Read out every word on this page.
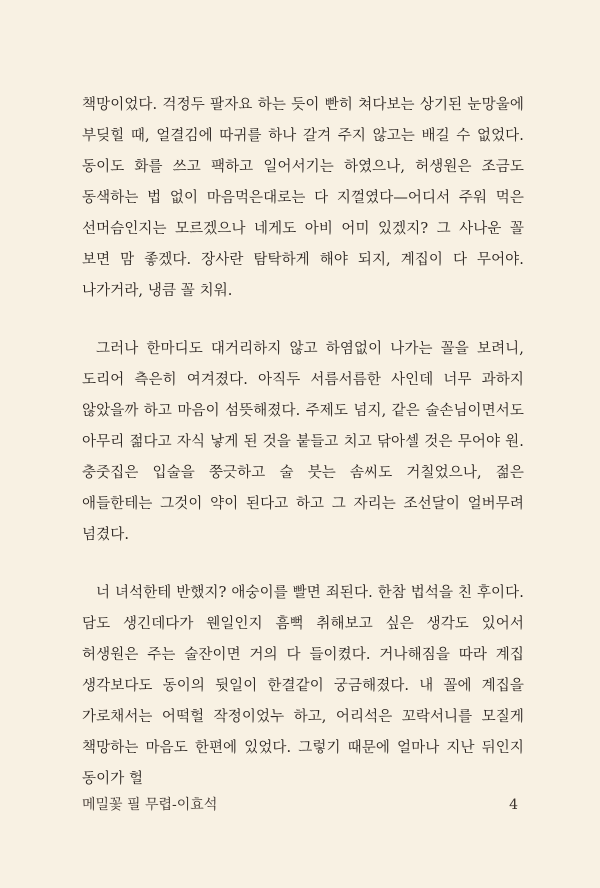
책망이었다. 걱정두 팔자요 하는 듯이 빤히 쳐다보는 상기된 눈망울에 부딪힐 때, 얼결김에 따귀를 하나 갈겨 주지 않고는 배길 수 없었다. 동이도 화를 쓰고 팩하고 일어서기는 하였으나, 허생원은 조금도 동색하는 법 없이 마음먹은대로는 다 지껄였다—어디서 주워 먹은 선머슴인지는 모르겠으나 네게도 아비 어미 있겠지? 그 사나운 꼴 보면 맘 좋겠다. 장사란 탐탁하게 해야 되지, 계집이 다 무어야. 나가거라, 냉큼 꼴 치워.

그러나 한마디도 대거리하지 않고 하염없이 나가는 꼴을 보려니, 도리어 측은히 여겨졌다. 아직두 서름서름한 사인데 너무 과하지 않았을까 하고 마음이 섬뜻해졌다. 주제도 넘지, 같은 술손님이면서도 아무리 젊다고 자식 낳게 된 것을 붙들고 치고 닦아셀 것은 무어야 원. 충줏집은 입술을 쭝긋하고 술 붓는 솜씨도 거칠었으나, 젊은 애들한테는 그것이 약이 된다고 하고 그 자리는 조선달이 얼버무려 넘겼다.

너 녀석한테 반했지? 애숭이를 빨면 죄된다. 한참 법석을 친 후이다. 담도 생긴데다가 웬일인지 흠뻑 취해보고 싶은 생각도 있어서 허생원은 주는 술잔이면 거의 다 들이켰다. 거나해짐을 따라 계집 생각보다도 동이의 뒷일이 한결같이 궁금해졌다. 내 꼴에 계집을 가로채서는 어떡헐 작정이었누 하고, 어리석은 꼬락서니를 모질게 책망하는 마음도 한편에 있었다. 그렇기 때문에 얼마나 지난 뒤인지 동이가 헐

메밀꽃 필 무렵-이효석	4
